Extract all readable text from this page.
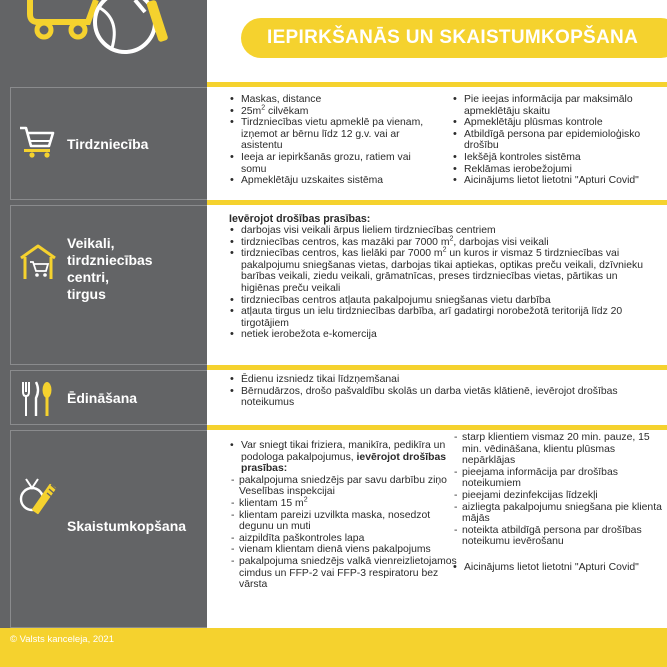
IEPIRKŠANĀS UN SKAISTUMKOPŠANA
Tirdzniecība
• Maskas, distance
• $25m^2$ cilvēkam
• Tirdzniecības vietu apmeklē pa vienam, izņemot ar bērnu līdz 12 g.v. vai ar asistentu
• Ieeja ar iepirkšanās grozu, ratiem vai somu
• Apmeklētāju uzskaites sistēma
• Pie ieejas informācija par maksimālo apmeklētāju skaitu
• Apmeklētāju plūsmas kontrole
• Atbildīgā persona par epidemioloģisko drošību
• Iekšējā kontroles sistēma
• Reklāmas ierobežojumi
• Aicinājums lietot lietotni "Apturi Covid"
Veikali,
tirdzniecības
centri,
tirgus
Ievērojot drošības prasības:
• darbojas visi veikali ārpus lieliem tirdzniecības centriem
• tirdzniecības centros, kas mazāki par 7000 $m^2$, darbojas visi veikali
• tirdzniecības centros, kas lielāki par 7000 $m^2$ un kuros ir vismaz 5 tirdzniecības vai pakalpojumu sniegšanas vietas, darbojas tikai aptiekas, optikas preču veikali, dzīvnieku barības veikali, ziedu veikali, grāmatnīcas, preses tirdzniecības vietas, pārtikas un higiēnas preču veikali
• tirdzniecības centros atļauta pakalpojumu sniegšanas vietu darbība
• atļauta tirgus un ielu tirdzniecības darbība, arī gadatirgi norobežotā teritorijā līdz 20 tirgotājiem
• netiek ierobežota e-komercija
Ēdināšana
• Ēdienu izsniedz tikai līdzņemšanai
• Bērnudārzos, drošo pašvaldību skolās un darba vietās klātienē, ievērojot drošības noteikumus
Skaistumkopšana
• Var sniegt tikai friziera, manikīra, pedikīra un podologa pakalpojumus, ievērojot drošības prasības:
- pakalpojuma sniedzējs par savu darbību ziņo Veselības inspekcijai
- klientam 15 $m^2$
- klientam pareizi uzvilkta maska, nosedzot degunu un muti
- aizpildīta paškontroles lapa
- vienam klientam dienā viens pakalpojums
- pakalpojuma sniedzējs valkā vienreizlietojamos cimdus un FFP-2 vai FFP-3 respiratoru bez vārsta
- starp klientiem vismaz 20 min. pauze, 15 min. vēdināšana, klientu plūsmas nepārklājas
- pieejama informācija par drošības noteikumiem
- pieejami dezinfekcijas līdzekļi
- aizliegta pakalpojumu sniegšana pie klienta mājās
- noteikta atbildīgā persona par drošības noteikumu ievērošanu
• Aicinājums lietot lietotni "Apturi Covid"
© Valsts kanceleja, 2021
